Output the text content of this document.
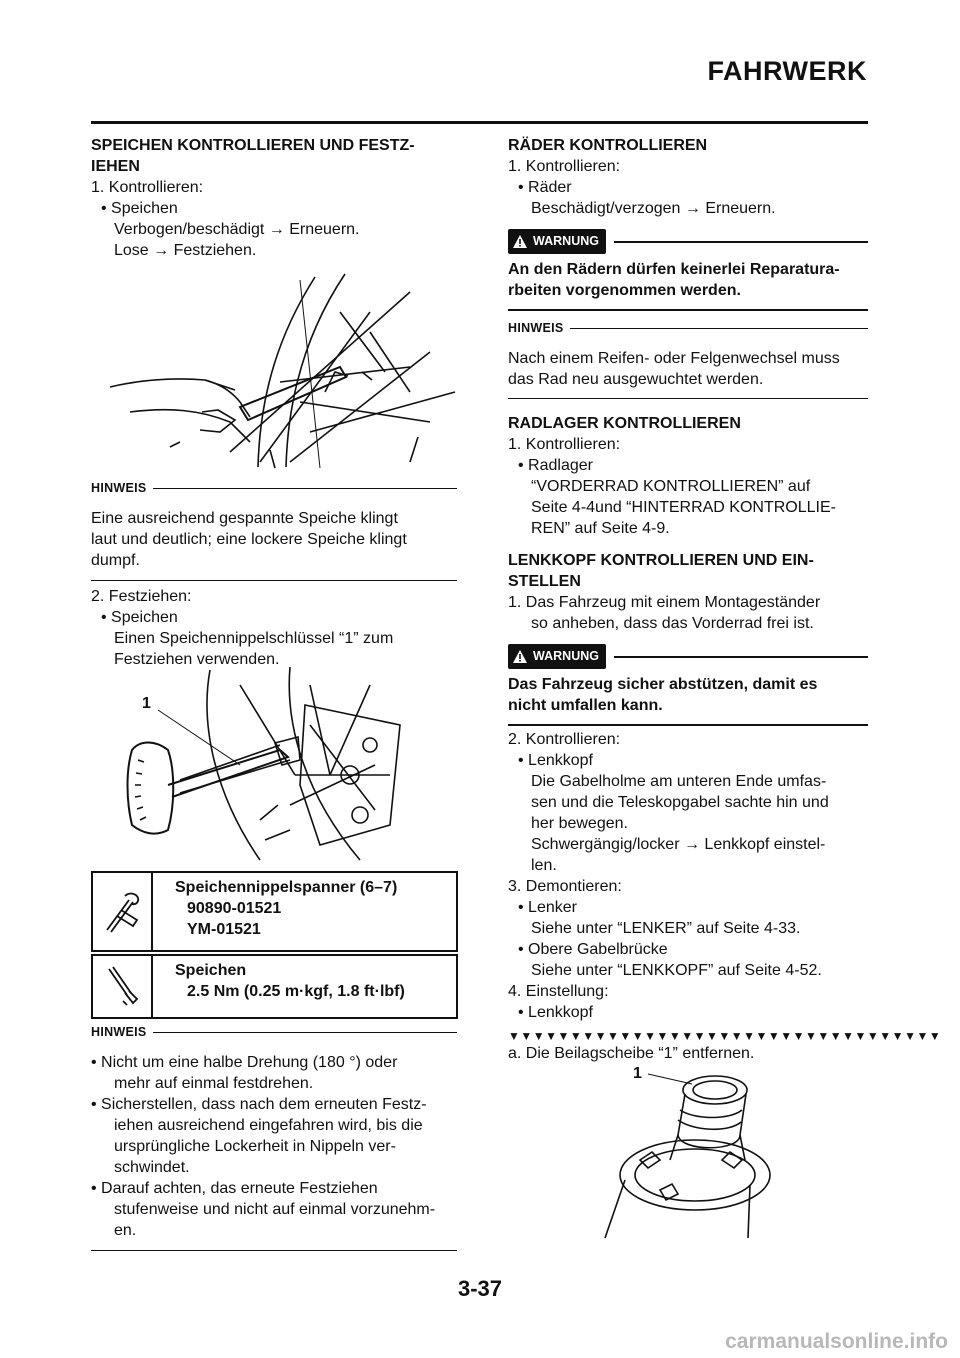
FAHRWERK
SPEICHEN KONTROLLIEREN UND FESTZ-
IEHEN
1. Kontrollieren:
• Speichen
Verbogen/beschädigt → Erneuern.
Lose → Festziehen.
HINWEIS
Eine ausreichend gespannte Speiche klingt
laut und deutlich; eine lockere Speiche klingt
dumpf.
2. Festziehen:
• Speichen
Einen Speichennippelschlüssel “1” zum
Festziehen verwenden.
1
Speichennippelspanner (6–7)
90890-01521
YM-01521
Speichen
2.5 Nm (0.25 m·kgf, 1.8 ft·lbf)
HINWEIS
• Nicht um eine halbe Drehung (180 °) oder
mehr auf einmal festdrehen.
• Sicherstellen, dass nach dem erneuten Festz-
iehen ausreichend eingefahren wird, bis die
ursprüngliche Lockerheit in Nippeln ver-
schwindet.
• Darauf achten, das erneute Festziehen
stufenweise und nicht auf einmal vorzunehm-
en.
RÄDER KONTROLLIEREN
1. Kontrollieren:
• Räder
Beschädigt/verzogen → Erneuern.
WARNUNG
An den Rädern dürfen keinerlei Reparatura-
rbeiten vorgenommen werden.
HINWEIS
Nach einem Reifen- oder Felgenwechsel muss
das Rad neu ausgewuchtet werden.
RADLAGER KONTROLLIEREN
1. Kontrollieren:
• Radlager
“VORDERRAD KONTROLLIEREN” auf
Seite 4-4und “HINTERRAD KONTROLLIE-
REN” auf Seite 4-9.
LENKKOPF KONTROLLIEREN UND EIN-
STELLEN
1. Das Fahrzeug mit einem Montageständer
so anheben, dass das Vorderrad frei ist.
WARNUNG
Das Fahrzeug sicher abstützen, damit es
nicht umfallen kann.
2. Kontrollieren:
• Lenkkopf
Die Gabelholme am unteren Ende umfas-
sen und die Teleskopgabel sachte hin und
her bewegen.
Schwergängig/locker → Lenkkopf einstel-
len.
3. Demontieren:
• Lenker
Siehe unter “LENKER” auf Seite 4-33.
• Obere Gabelbrücke
Siehe unter “LENKKOPF” auf Seite 4-52.
4. Einstellung:
• Lenkkopf
▼▼▼▼▼▼▼▼▼▼▼▼▼▼▼▼▼▼▼▼▼▼▼▼▼▼▼▼▼▼▼▼▼▼▼
a. Die Beilagscheibe “1” entfernen.
1
3-37
carmanualsonline.info
